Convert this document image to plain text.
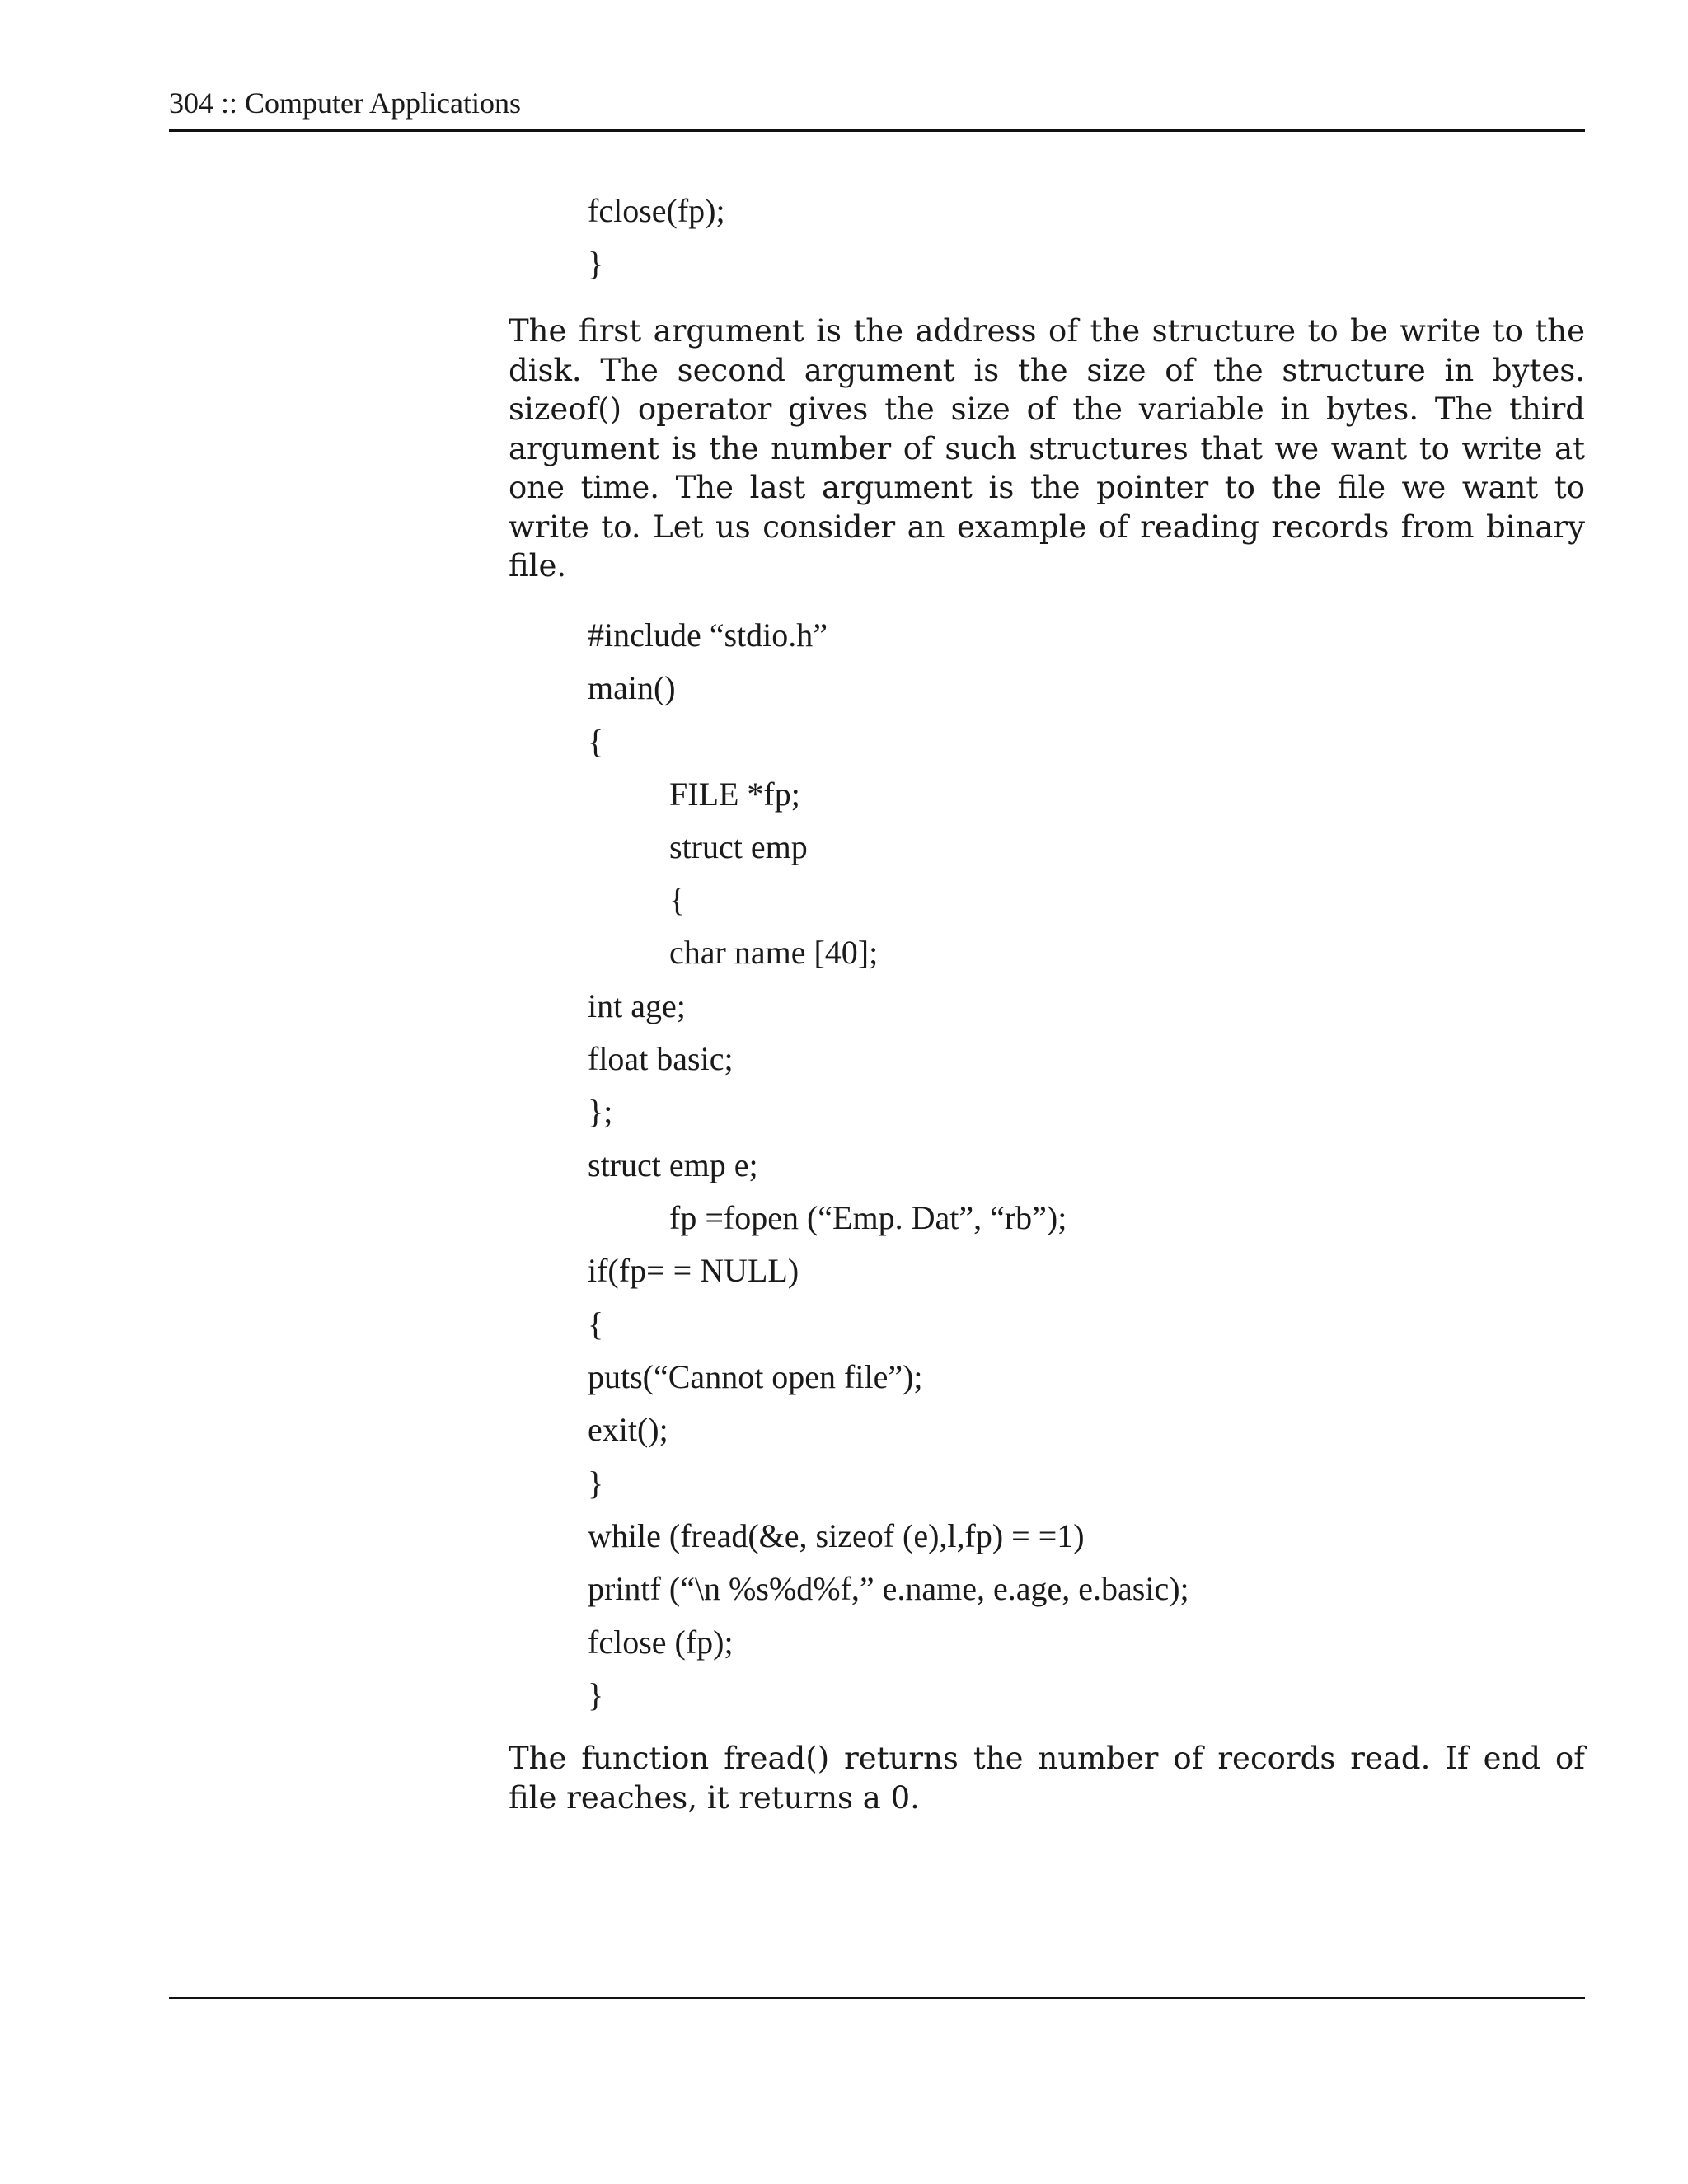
304 :: Computer Applications
fclose(fp);
}

The first argument is the address of the structure to be write to the disk. The second argument is the size of the structure in bytes. sizeof() operator gives the size of the variable in bytes. The third argument is the number of such structures that we want to write at one time. The last argument is the pointer to the file we want to write to. Let us consider an example of reading records from binary file.

#include “stdio.h”
main()
{
FILE *fp;
struct emp
{
char name [40];
int age;
float basic;
};
struct emp e;
fp =fopen (“Emp. Dat”, “rb”);
if(fp= = NULL)
{
puts(“Cannot open file”);
exit();
}
while (fread(&e, sizeof (e),l,fp) = =1)
printf (“\n %s%d%f,” e.name, e.age, e.basic);
fclose (fp);
}

The function fread() returns the number of records read. If end of file reaches, it returns a 0.
